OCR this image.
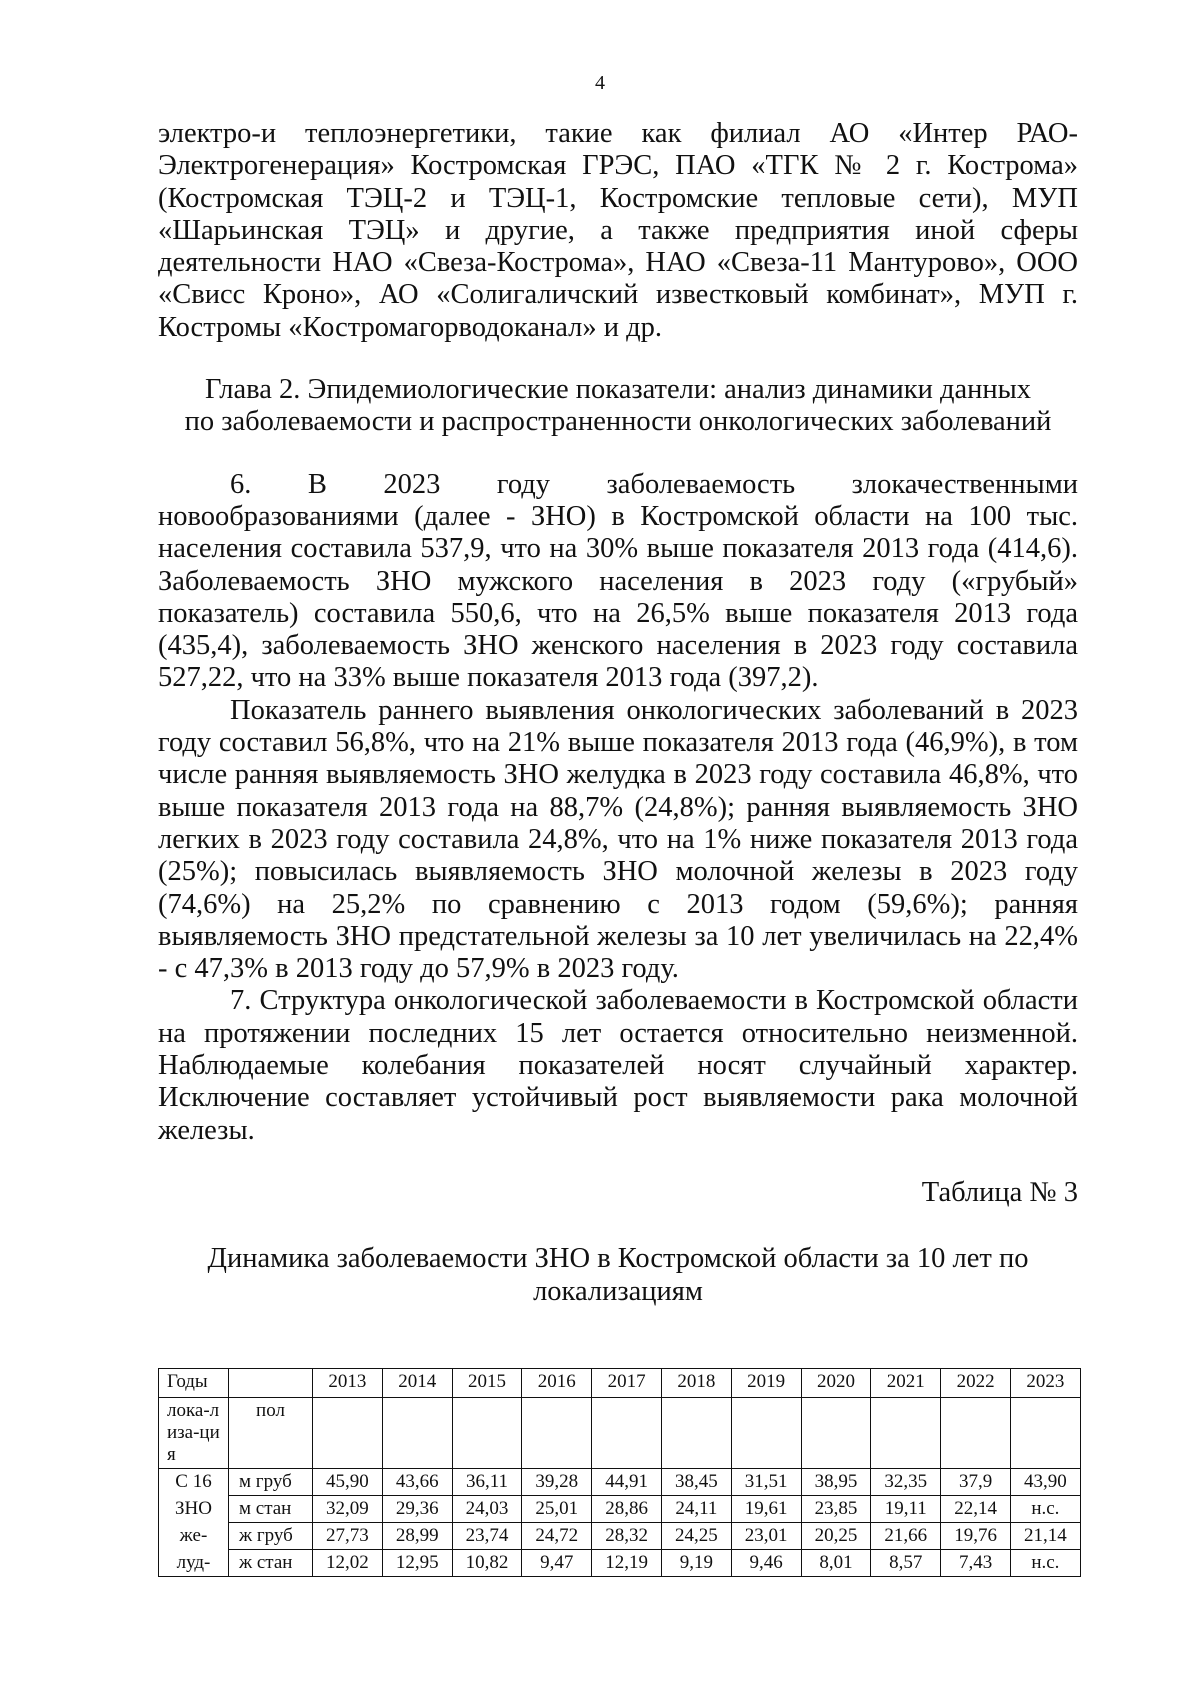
4

электро-и теплоэнергетики, такие как филиал АО «Интер РАО-Электрогенерация» Костромская ГРЭС, ПАО «ТГК № 2 г. Кострома» (Костромская ТЭЦ-2 и ТЭЦ-1, Костромские тепловые сети), МУП «Шарьинская ТЭЦ» и другие, а также предприятия иной сферы деятельности НАО «Свеза-Кострома», НАО «Свеза-11 Мантурово», ООО «Свисс Кроно», АО «Солигаличский известковый комбинат», МУП г. Костромы «Костромагорводоканал» и др.

Глава 2. Эпидемиологические показатели: анализ динамики данных

по заболеваемости и распространенности онкологических заболеваний

6. В 2023 году заболеваемость злокачественными новообразованиями (далее - ЗНО) в Костромской области на 100 тыс. населения составила 537,9, что на 30% выше показателя 2013 года (414,6). Заболеваемость ЗНО мужского населения в 2023 году («грубый» показатель) составила 550,6, что на 26,5% выше показателя 2013 года (435,4), заболеваемость ЗНО женского населения в 2023 году составила 527,22, что на 33% выше показателя 2013 года (397,2).

Показатель раннего выявления онкологических заболеваний в 2023 году составил 56,8%, что на 21% выше показателя 2013 года (46,9%), в том числе ранняя выявляемость ЗНО желудка в 2023 году составила 46,8%, что выше показателя 2013 года на 88,7% (24,8%); ранняя выявляемость ЗНО легких в 2023 году составила 24,8%, что на 1% ниже показателя 2013 года (25%); повысилась выявляемость ЗНО молочной железы в 2023 году (74,6%) на 25,2% по сравнению с 2013 годом (59,6%); ранняя выявляемость ЗНО предстательной железы за 10 лет увеличилась на 22,4% - с 47,3% в 2013 году до 57,9% в 2023 году.

7. Структура онкологической заболеваемости в Костромской области на протяжении последних 15 лет остается относительно неизменной. Наблюдаемые колебания показателей носят случайный характер. Исключение составляет устойчивый рост выявляемости рака молочной железы.

Таблица № 3

Динамика заболеваемости ЗНО в Костромской области за 10 лет по локализациям

Годы		2013	2014	2015	2016	2017	2018	2019	2020	2021	2022	2023
лока-лиза-ция	пол											
С 16	м груб	45,90	43,66	36,11	39,28	44,91	38,45	31,51	38,95	32,35	37,9	43,90
ЗНО	м стан	32,09	29,36	24,03	25,01	28,86	24,11	19,61	23,85	19,11	22,14	н.с.
же-	ж груб	27,73	28,99	23,74	24,72	28,32	24,25	23,01	20,25	21,66	19,76	21,14
луд-	ж стан	12,02	12,95	10,82	9,47	12,19	9,19	9,46	8,01	8,57	7,43	н.с.
